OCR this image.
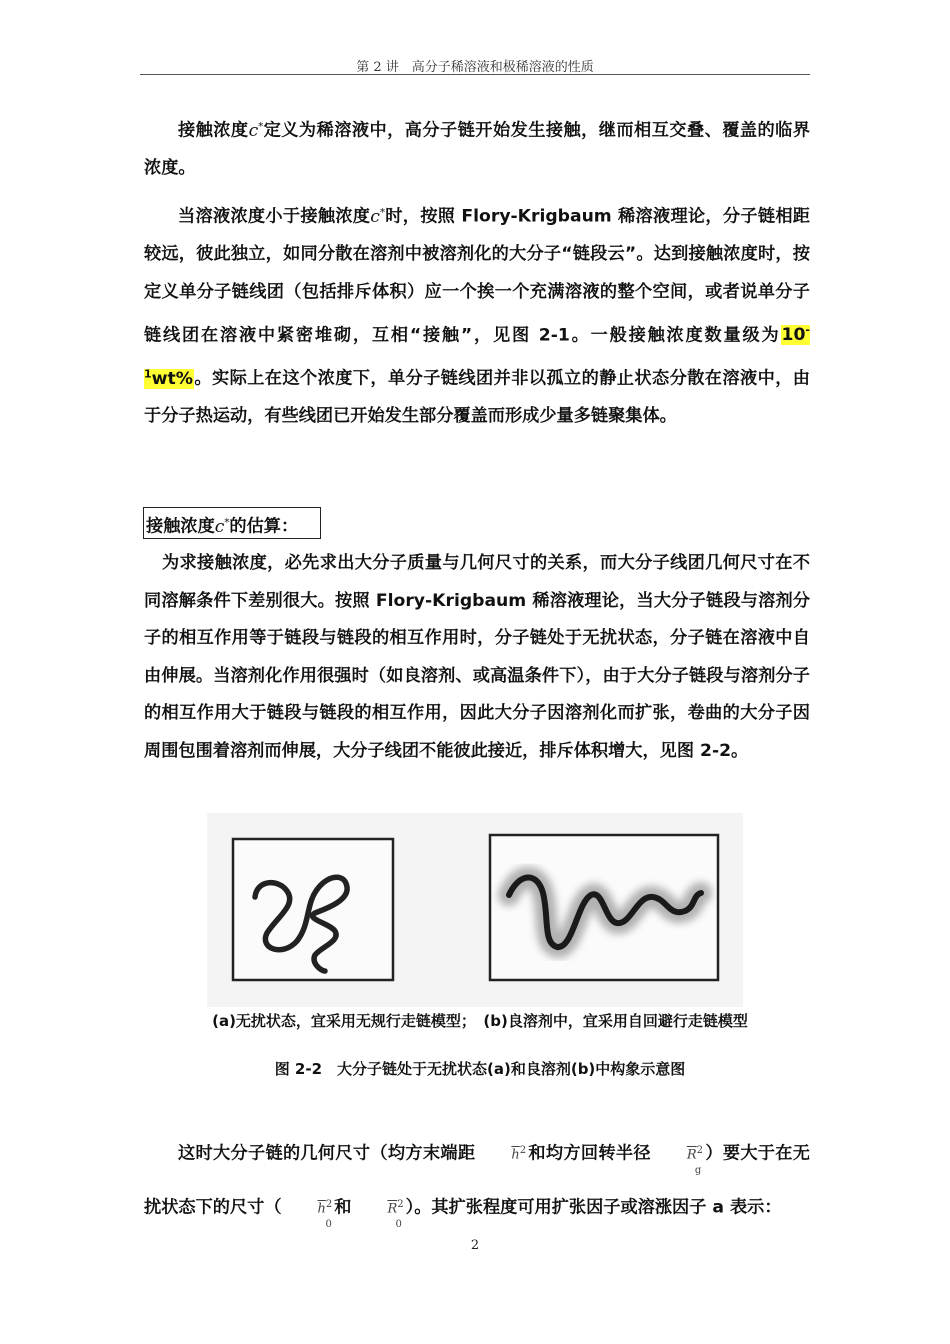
第 2 讲　高分子稀溶液和极稀溶液的性质
接触浓度c*定义为稀溶液中，高分子链开始发生接触，继而相互交叠、覆盖的临界浓度。
当溶液浓度小于接触浓度c*时，按照 Flory-Krigbaum 稀溶液理论，分子链相距较远，彼此独立，如同分散在溶剂中被溶剂化的大分子“链段云”。达到接触浓度时，按定义单分子链线团（包括排斥体积）应一个挨一个充满溶液的整个空间，或者说单分子链线团在溶液中紧密堆砌，互相“接触”，见图 2-1。一般接触浓度数量级为$10^{-1}wt\%$。实际上在这个浓度下，单分子链线团并非以孤立的静止状态分散在溶液中，由于分子热运动，有些线团已开始发生部分覆盖而形成少量多链聚集体。
接触浓度c*的估算：
为求接触浓度，必先求出大分子质量与几何尺寸的关系，而大分子线团几何尺寸在不同溶解条件下差别很大。按照 Flory-Krigbaum 稀溶液理论，当大分子链段与溶剂分子的相互作用等于链段与链段的相互作用时，分子链处于无扰状态，分子链在溶液中自由伸展。当溶剂化作用很强时（如良溶剂、或高温条件下），由于大分子链段与溶剂分子的相互作用大于链段与链段的相互作用，因此大分子因溶剂化而扩张，卷曲的大分子因周围包围着溶剂而伸展，大分子线团不能彼此接近，排斥体积增大，见图 2-2。
(a)无扰状态，宜采用无规行走链模型；　(b)良溶剂中，宜采用自回避行走链模型
图 2-2　大分子链处于无扰状态(a)和良溶剂(b)中构象示意图
这时大分子链的几何尺寸（均方末端距	$\overline{h}^2$ 和均方回转半径	$\overline{R}^2$
g
）要大于在无扰状态下的尺寸（	$\overline{h}^2$
0
和	$\overline{R}^2$
0
）。其扩张程度可用扩张因子或溶涨因子 a 表示：
2
